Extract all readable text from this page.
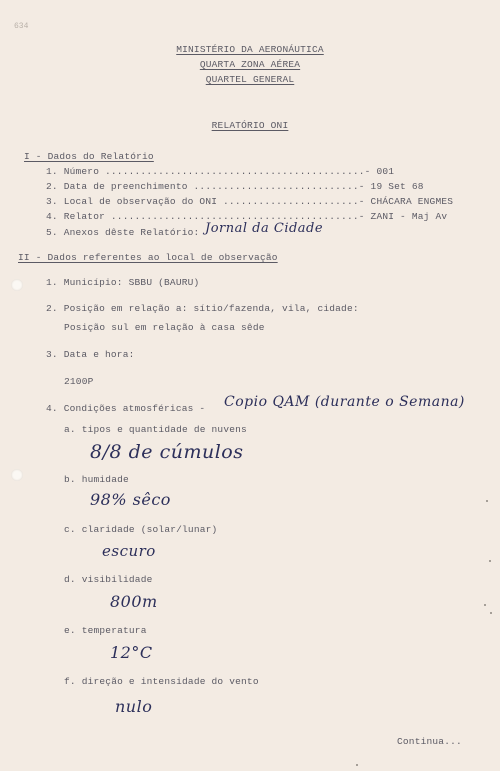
634
MINISTÉRIO DA AERONÁUTICA
QUARTA ZONA AÉREA
QUARTEL GENERAL
RELATÓRIO ONI
I - Dados do Relatório
1. Número ............................................- 001
2. Data de preenchimento ............................- 19 Set 68
3. Local de observação do ONI .......................- CHÁCARA ENGMES
4. Relator ..........................................- ZANI - Maj Av
5. Anexos dêste Relatório: Jornal da Cidade
II - Dados referentes ao local de observação
1. Município: SBBU (BAURU)
2. Posição em relação a: sítio/fazenda, vila, cidade:
Posição sul em relação à casa sêde
3. Data e hora:
2100P
4. Condições atmosféricas - Copio QAM (durante o Semana)
a. tipos e quantidade de nuvens
8/8 de cúmulos
b. humidade
98% sêco
c. claridade (solar/lunar)
escuro
d. visibilidade
800m
e. temperatura
12°C
f. direção e intensidade do vento
nulo
Continua...
